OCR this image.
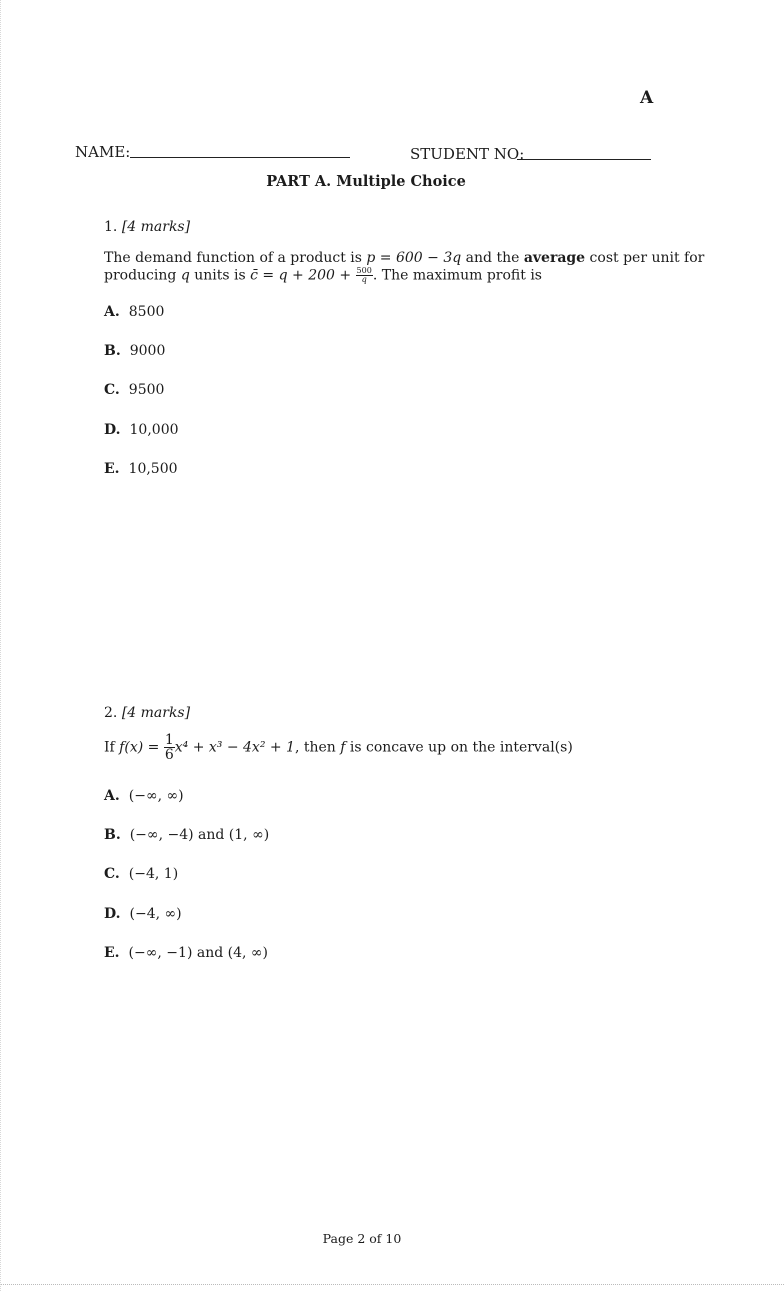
A
NAME:	STUDENT NO:
PART A. Multiple Choice
1. [4 marks]
The demand function of a product is p = 600 − 3q and the average cost per unit for
producing q units is c̄ = $q + 200 + \frac{500}{q}$ . The maximum profit is
A. 8500
B. 9000
C. 9500
D. 10,000
E. 10,500
2. [4 marks]
If $f(x) = \frac{1}{6} x^4 + x^3 - 4x^2 + 1$, then f is concave up on the interval(s)
A. (−∞, ∞)
B. (−∞, −4) and (1, ∞)
C. (−4, 1)
D. (−4, ∞)
E. (−∞, −1) and (4, ∞)
Page 2 of 10
